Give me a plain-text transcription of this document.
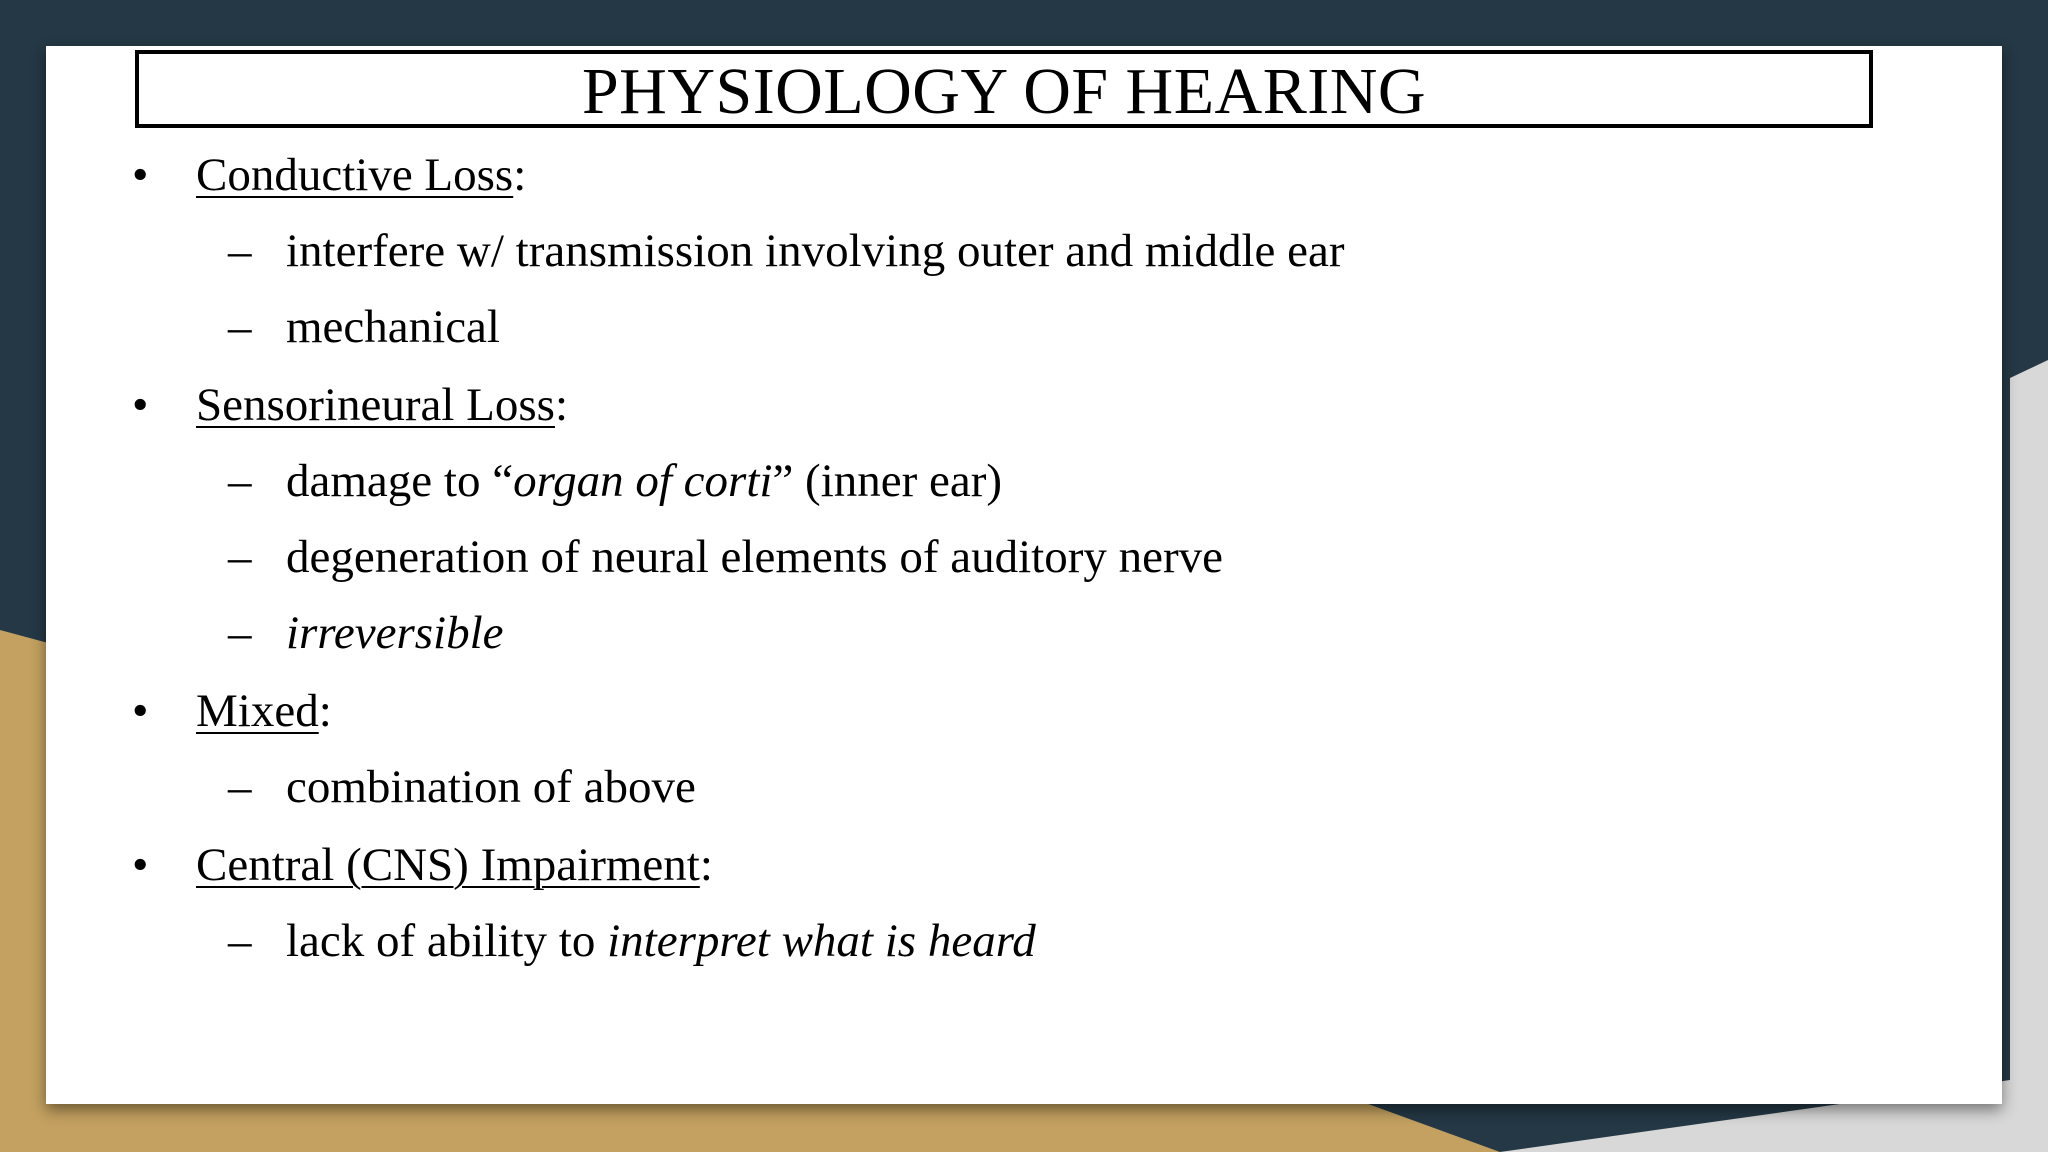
PHYSIOLOGY OF HEARING
• Conductive Loss:
– interfere w/ transmission involving outer and middle ear
– mechanical
• Sensorineural Loss:
– damage to “organ of corti” (inner ear)
– degeneration of neural elements of auditory nerve
– irreversible
• Mixed:
– combination of above
• Central (CNS) Impairment:
– lack of ability to interpret what is heard
